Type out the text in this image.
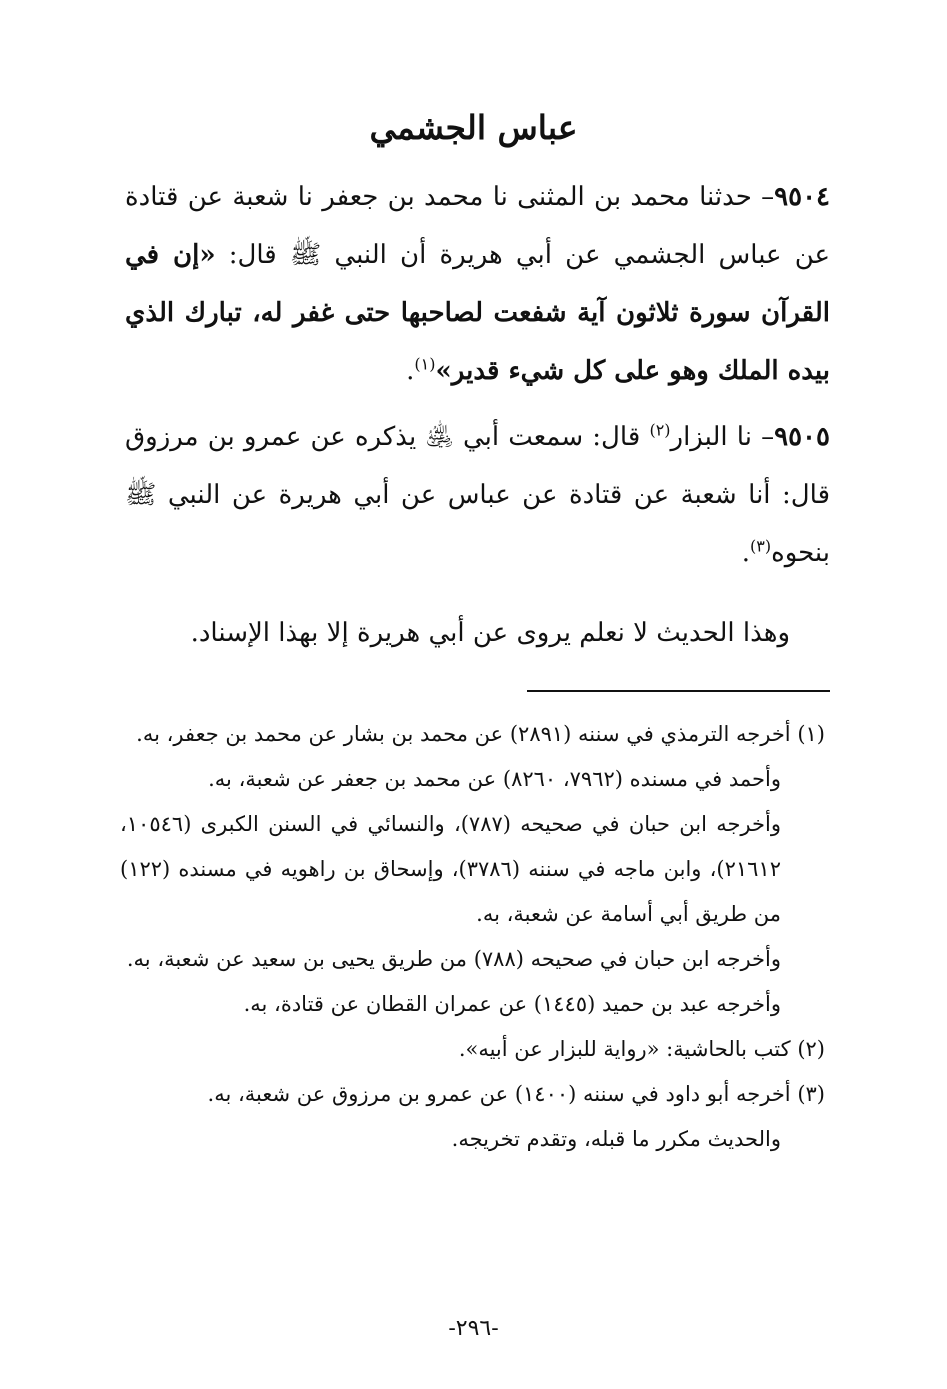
عباس الجشمي

٩٥٠٤– حدثنا محمد بن المثنى نا محمد بن جعفر نا شعبة عن قتادة عن عباس الجشمي عن أبي هريرة أن النبي ﷺ قال: «إن في القرآن سورة ثلاثون آية شفعت لصاحبها حتى غفر له، تبارك الذي بيده الملك وهو على كل شيء قدير»$^{(١)}$.

٩٥٠٥– نا البزار$^{(٢)}$ قال: سمعت أبي ﵁ يذكره عن عمرو بن مرزوق قال: أنا شعبة عن قتادة عن عباس عن أبي هريرة عن النبي ﷺ بنحوه$^{(٣)}$.

وهذا الحديث لا نعلم يروى عن أبي هريرة إلا بهذا الإسناد.

(١) أخرجه الترمذي في سننه (٢٨٩١) عن محمد بن بشار عن محمد بن جعفر، به.

وأحمد في مسنده (٧٩٦٢، ٨٢٦٠) عن محمد بن جعفر عن شعبة، به.

وأخرجه ابن حبان في صحيحه (٧٨٧)، والنسائي في السنن الكبرى (١٠٥٤٦، ٢١٦١٢)، وابن ماجه في سننه (٣٧٨٦)، وإسحاق بن راهويه في مسنده (١٢٢) من طريق أبي أسامة عن شعبة، به.

وأخرجه ابن حبان في صحيحه (٧٨٨) من طريق يحيى بن سعيد عن شعبة، به.

وأخرجه عبد بن حميد (١٤٤٥) عن عمران القطان عن قتادة، به.

(٢) كتب بالحاشية: «رواية للبزار عن أبيه».

(٣) أخرجه أبو داود في سننه (١٤٠٠) عن عمرو بن مرزوق عن شعبة، به.

والحديث مكرر ما قبله، وتقدم تخريجه.

-٢٩٦-
